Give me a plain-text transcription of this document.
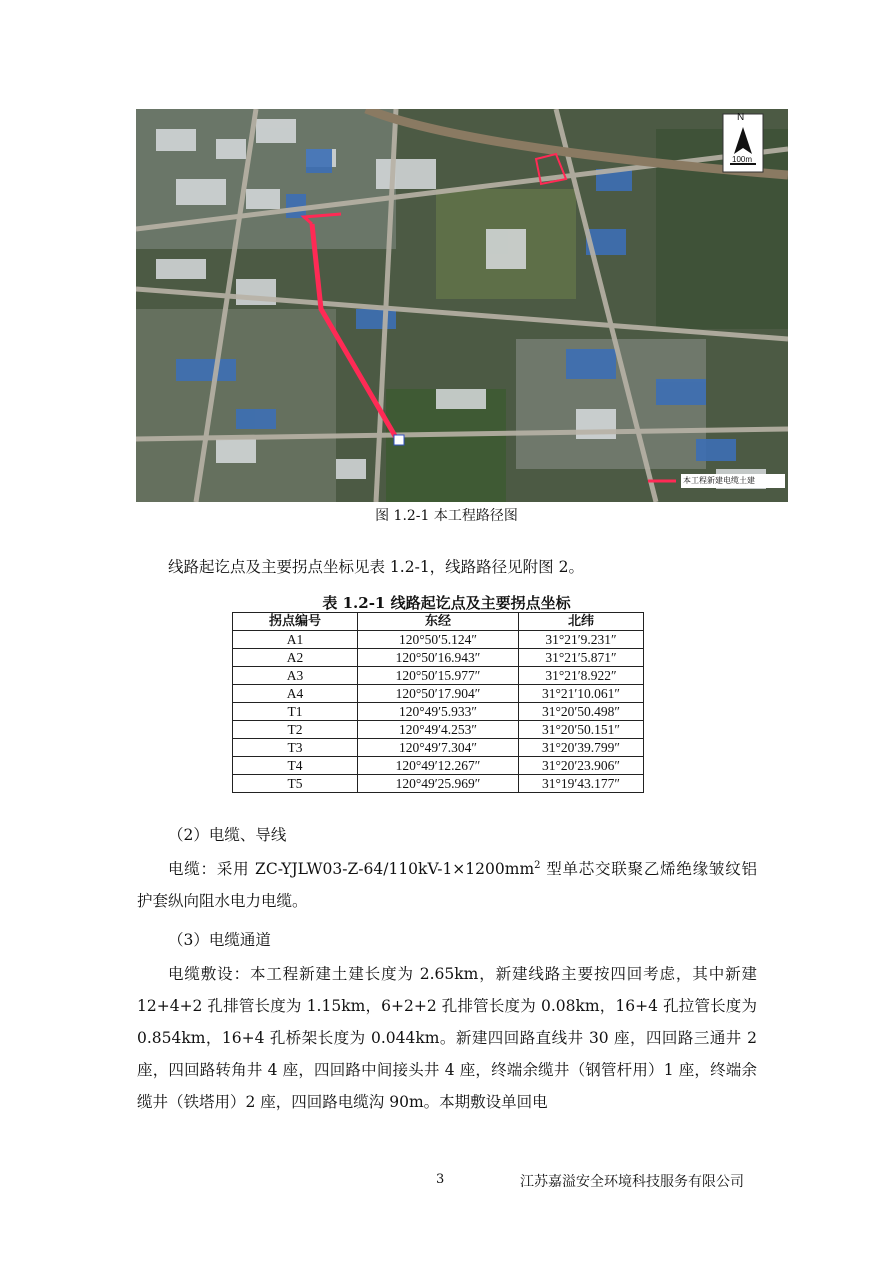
N
100m
本工程新建电缆土建
图 1.2-1 本工程路径图
线路起讫点及主要拐点坐标见表 1.2-1，线路路径见附图 2。
表 1.2-1 线路起讫点及主要拐点坐标
拐点编号	东经	北纬
A1	120°50′5.124″	31°21′9.231″
A2	120°50′16.943″	31°21′5.871″
A3	120°50′15.977″	31°21′8.922″
A4	120°50′17.904″	31°21′10.061″
T1	120°49′5.933″	31°20′50.498″
T2	120°49′4.253″	31°20′50.151″
T3	120°49′7.304″	31°20′39.799″
T4	120°49′12.267″	31°20′23.906″
T5	120°49′25.969″	31°19′43.177″
（2）电缆、导线
电缆：采用 $ZC-YJLW03-Z-64/110kV-1\times 1200mm^2$ 型单芯交联聚乙烯绝缘皱纹铝护套纵向阻水电力电缆。
（3）电缆通道
电缆敷设：本工程新建土建长度为 2.65km，新建线路主要按四回考虑，其中新建 12+4+2 孔排管长度为 1.15km，6+2+2 孔排管长度为 0.08km，16+4 孔拉管长度为 0.854km，16+4 孔桥架长度为 0.044km。新建四回路直线井 30 座，四回路三通井 2 座，四回路转角井 4 座，四回路中间接头井 4 座，终端余缆井（钢管杆用）1 座，终端余缆井（铁塔用）2 座，四回路电缆沟 90m。本期敷设单回电
3	江苏嘉溢安全环境科技服务有限公司
